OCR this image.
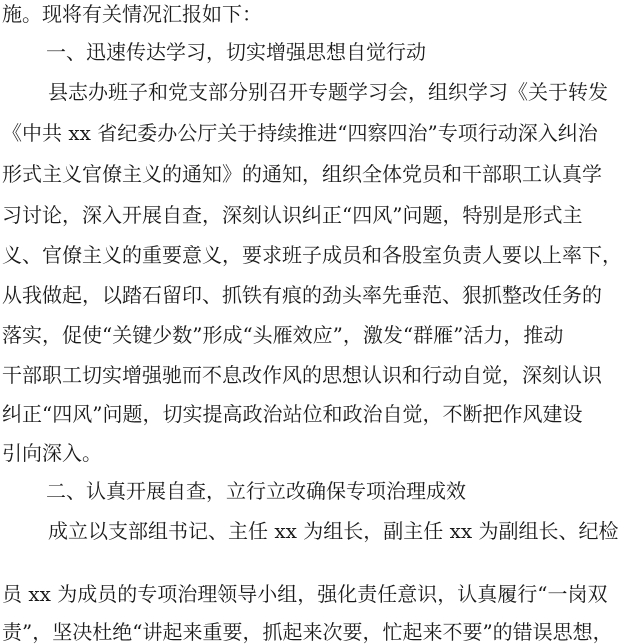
施。现将有关情况汇报如下：
一、迅速传达学习，切实增强思想自觉行动
县志办班子和党支部分别召开专题学习会，组织学习《关于转发
《中共 xx 省纪委办公厅关于持续推进“四察四治”专项行动深入纠治
形式主义官僚主义的通知》的通知，组织全体党员和干部职工认真学
习讨论，深入开展自查，深刻认识纠正“四风”问题，特别是形式主
义、官僚主义的重要意义，要求班子成员和各股室负责人要以上率下，
从我做起，以踏石留印、抓铁有痕的劲头率先垂范、狠抓整改任务的
落实，促使“关键少数”形成“头雁效应”，激发“群雁”活力，推动
干部职工切实增强驰而不息改作风的思想认识和行动自觉，深刻认识
纠正“四风”问题，切实提高政治站位和政治自觉，不断把作风建设
引向深入。
二、认真开展自查，立行立改确保专项治理成效
成立以支部组书记、主任 xx 为组长，副主任 xx 为副组长、纪检
员 xx 为成员的专项治理领导小组，强化责任意识，认真履行“一岗双
责”，坚决杜绝“讲起来重要，抓起来次要，忙起来不要”的错误思想，
